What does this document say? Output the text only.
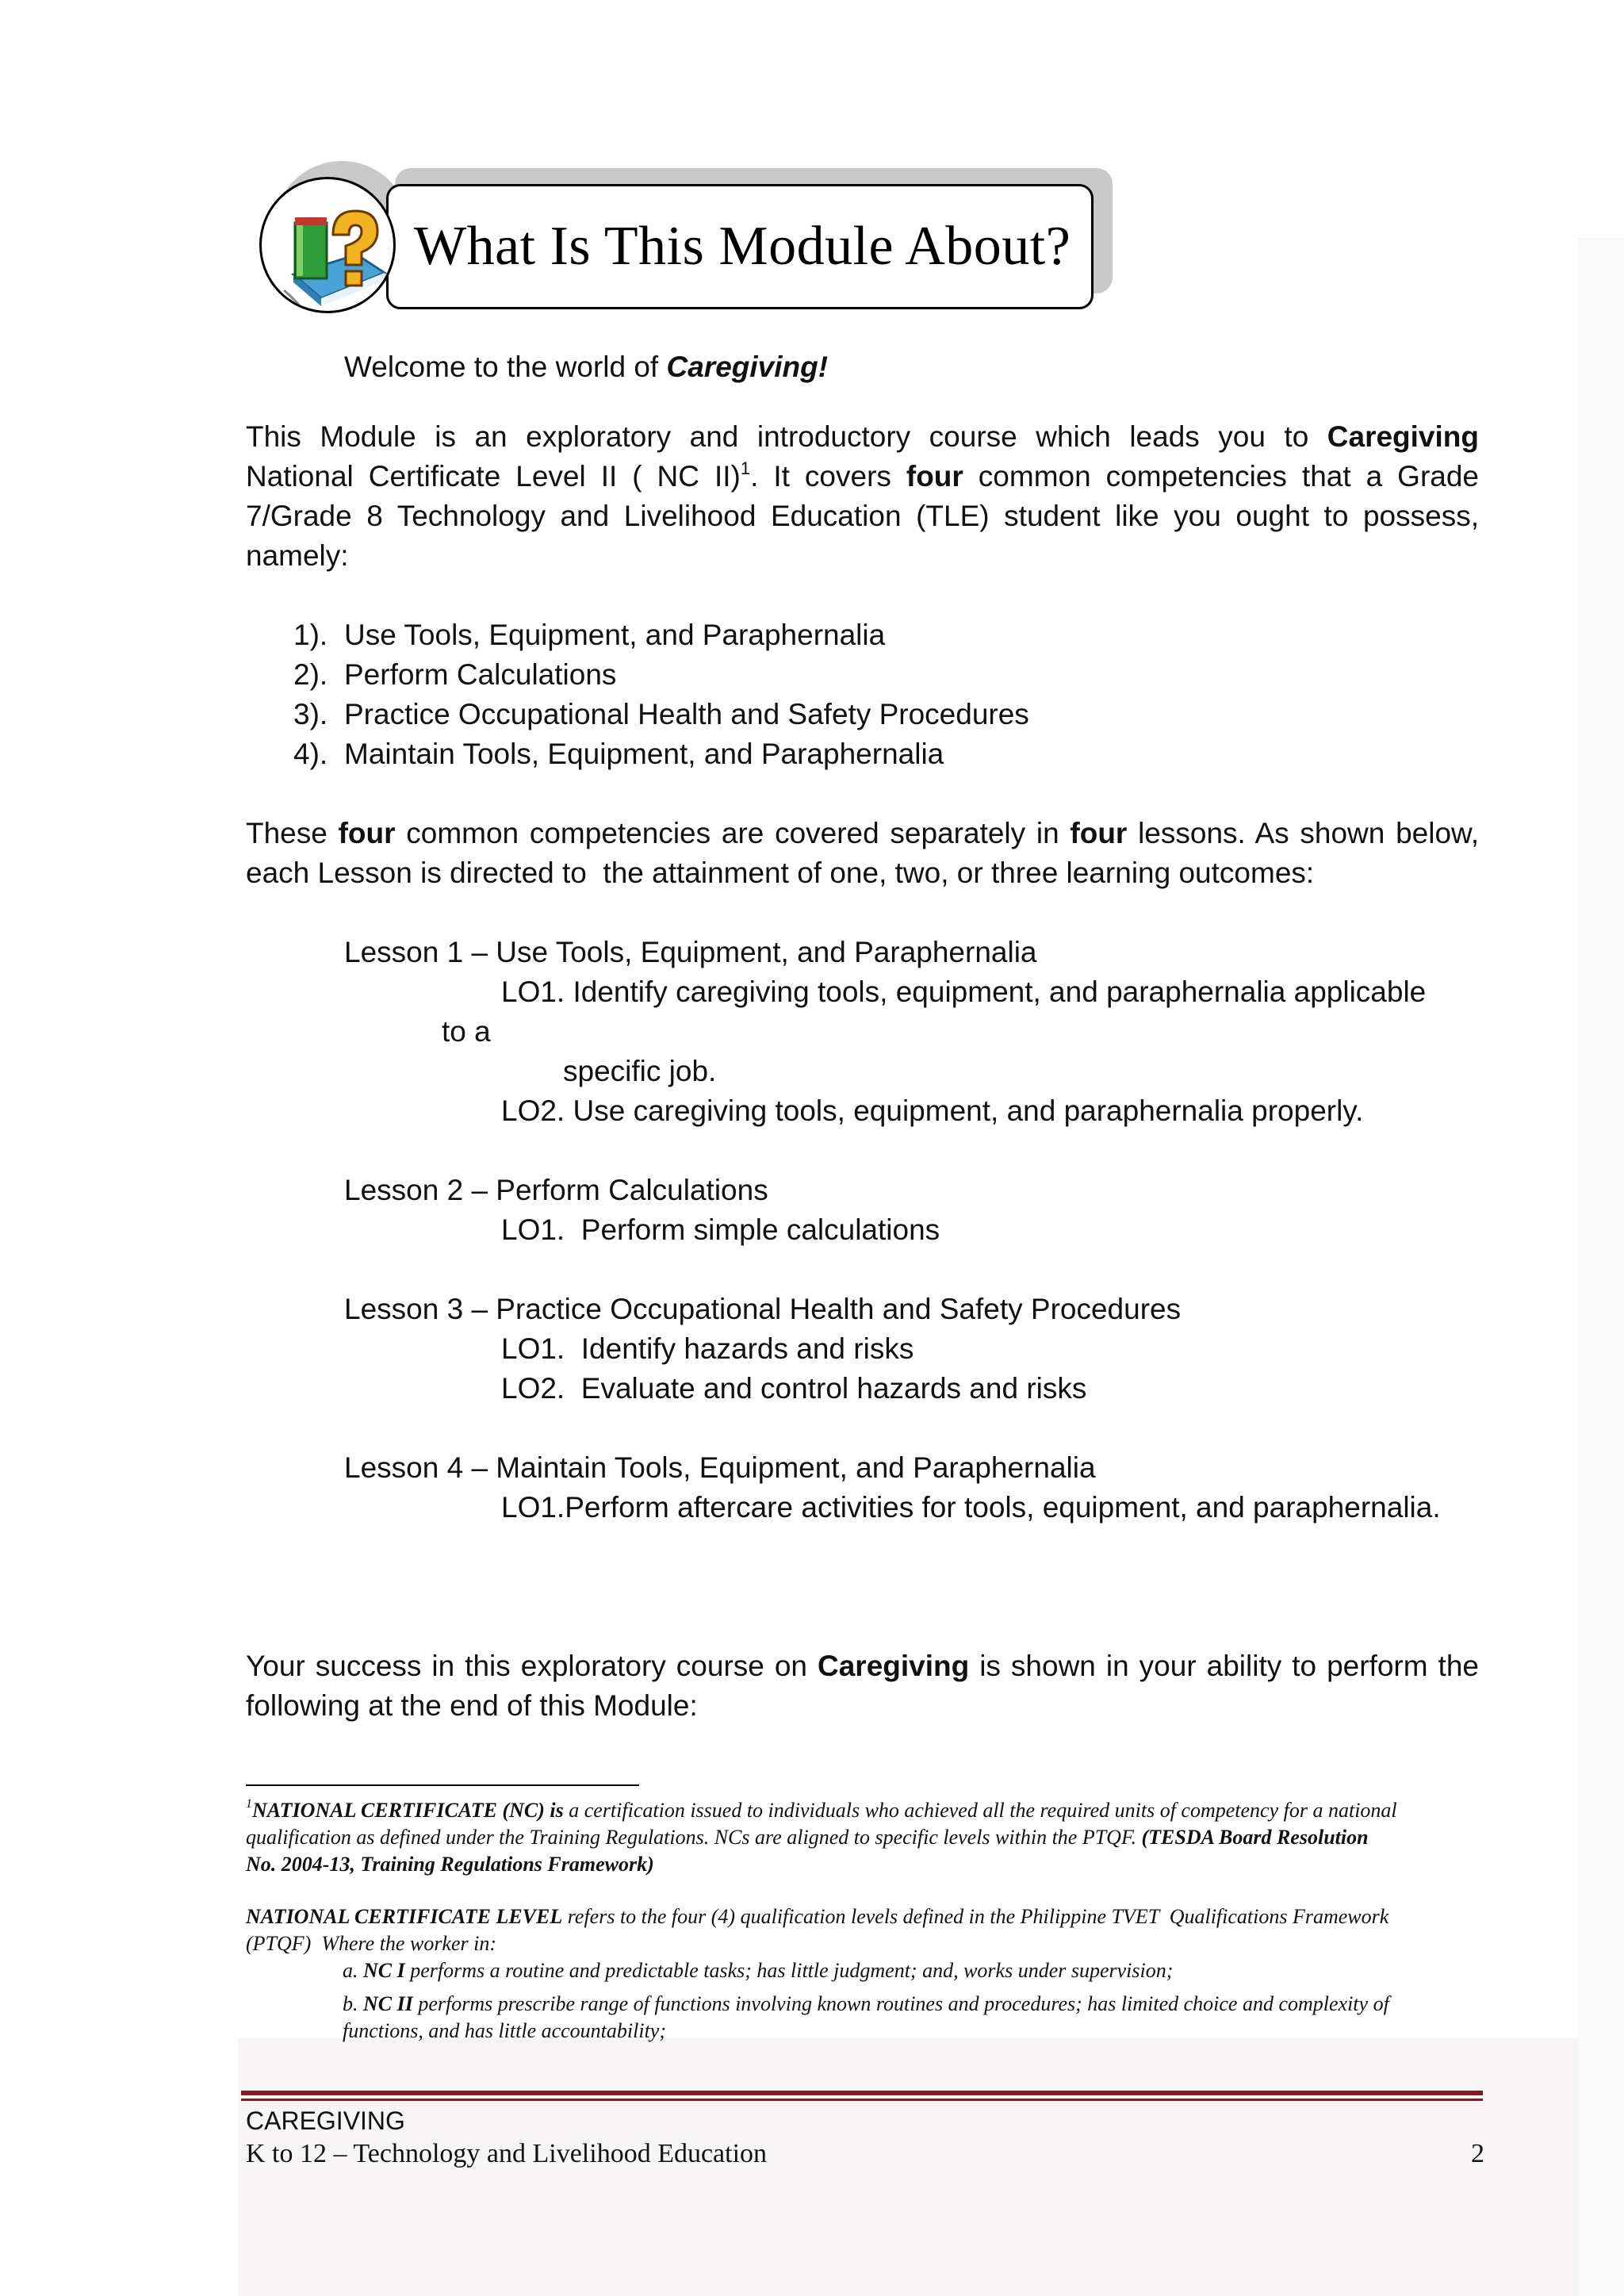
What Is This Module About?
Welcome to the world of Caregiving!
This Module is an exploratory and introductory course which leads you to Caregiving
National Certificate Level II ( NC II)$^1$. It covers four common competencies that a Grade
7/Grade 8 Technology and Livelihood Education (TLE) student like you ought to possess,
namely:
1). Use Tools, Equipment, and Paraphernalia
2). Perform Calculations
3). Practice Occupational Health and Safety Procedures
4). Maintain Tools, Equipment, and Paraphernalia
These four common competencies are covered separately in four lessons. As shown below,
each Lesson is directed to  the attainment of one, two, or three learning outcomes:
Lesson 1 – Use Tools, Equipment, and Paraphernalia
LO1. Identify caregiving tools, equipment, and paraphernalia applicable
to a
specific job.
LO2. Use caregiving tools, equipment, and paraphernalia properly.
Lesson 2 – Perform Calculations
LO1.  Perform simple calculations
Lesson 3 – Practice Occupational Health and Safety Procedures
LO1.  Identify hazards and risks
LO2.  Evaluate and control hazards and risks
Lesson 4 – Maintain Tools, Equipment, and Paraphernalia
LO1.Perform aftercare activities for tools, equipment, and paraphernalia.
Your success in this exploratory course on Caregiving is shown in your ability to perform the
following at the end of this Module:
$^1$NATIONAL CERTIFICATE (NC) is a certification issued to individuals who achieved all the required units of competency for a national
qualification as defined under the Training Regulations. NCs are aligned to specific levels within the PTQF. (TESDA Board Resolution
No. 2004-13, Training Regulations Framework)
NATIONAL CERTIFICATE LEVEL refers to the four (4) qualification levels defined in the Philippine TVET  Qualifications Framework
(PTQF)  Where the worker in:
a. NC I performs a routine and predictable tasks; has little judgment; and, works under supervision;
b. NC II performs prescribe range of functions involving known routines and procedures; has limited choice and complexity of
functions, and has little accountability;
CAREGIVING
K to 12 – Technology and Livelihood Education	2
